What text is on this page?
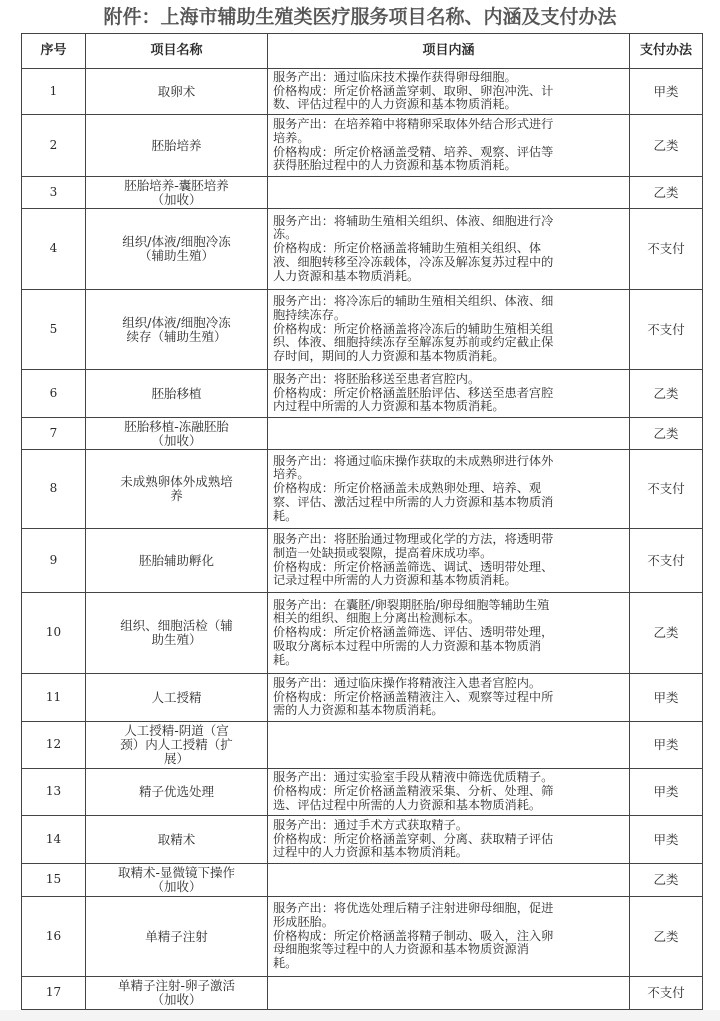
附件：上海市辅助生殖类医疗服务项目名称、内涵及支付办法
序号	项目名称	项目内涵	支付办法
1	取卵术	服务产出：通过临床技术操作获得卵母细胞。
价格构成：所定价格涵盖穿刺、取卵、卵泡冲洗、计
数、评估过程中的人力资源和基本物质消耗。	甲类
2	胚胎培养	服务产出：在培养箱中将精卵采取体外结合形式进行
培养。
价格构成：所定价格涵盖受精、培养、观察、评估等
获得胚胎过程中的人力资源和基本物质消耗。	乙类
3	胚胎培养-囊胚培养
（加收）		乙类
4	组织/体液/细胞冷冻
（辅助生殖）	服务产出：将辅助生殖相关组织、体液、细胞进行冷
冻。
价格构成：所定价格涵盖将辅助生殖相关组织、体
液、细胞转移至冷冻载体，冷冻及解冻复苏过程中的
人力资源和基本物质消耗。	不支付
5	组织/体液/细胞冷冻
续存（辅助生殖）	服务产出：将冷冻后的辅助生殖相关组织、体液、细
胞持续冻存。
价格构成：所定价格涵盖将冷冻后的辅助生殖相关组
织、体液、细胞持续冻存至解冻复苏前或约定截止保
存时间，期间的人力资源和基本物质消耗。	不支付
6	胚胎移植	服务产出：将胚胎移送至患者宫腔内。
价格构成：所定价格涵盖胚胎评估、移送至患者宫腔
内过程中所需的人力资源和基本物质消耗。	乙类
7	胚胎移植-冻融胚胎
（加收）		乙类
8	未成熟卵体外成熟培
养	服务产出：将通过临床操作获取的未成熟卵进行体外
培养。
价格构成：所定价格涵盖未成熟卵处理、培养、观
察、评估、激活过程中所需的人力资源和基本物质消
耗。	不支付
9	胚胎辅助孵化	服务产出：将胚胎通过物理或化学的方法，将透明带
制造一处缺损或裂隙，提高着床成功率。
价格构成：所定价格涵盖筛选、调试、透明带处理、
记录过程中所需的人力资源和基本物质消耗。	不支付
10	组织、细胞活检（辅
助生殖）	服务产出：在囊胚/卵裂期胚胎/卵母细胞等辅助生殖
相关的组织、细胞上分离出检测标本。
价格构成：所定价格涵盖筛选、评估、透明带处理，
吸取分离标本过程中所需的人力资源和基本物质消
耗。	乙类
11	人工授精	服务产出：通过临床操作将精液注入患者宫腔内。
价格构成：所定价格涵盖精液注入、观察等过程中所
需的人力资源和基本物质消耗。	甲类
12	人工授精-阴道（宫
颈）内人工授精（扩
展）		甲类
13	精子优选处理	服务产出：通过实验室手段从精液中筛选优质精子。
价格构成：所定价格涵盖精液采集、分析、处理、筛
选、评估过程中所需的人力资源和基本物质消耗。	甲类
14	取精术	服务产出：通过手术方式获取精子。
价格构成：所定价格涵盖穿刺、分离、获取精子评估
过程中的人力资源和基本物质消耗。	甲类
15	取精术-显微镜下操作
（加收）		乙类
16	单精子注射	服务产出：将优选处理后精子注射进卵母细胞，促进
形成胚胎。
价格构成：所定价格涵盖将精子制动、吸入，注入卵
母细胞浆等过程中的人力资源和基本物质资源消
耗。	乙类
17	单精子注射-卵子激活
（加收）		不支付
